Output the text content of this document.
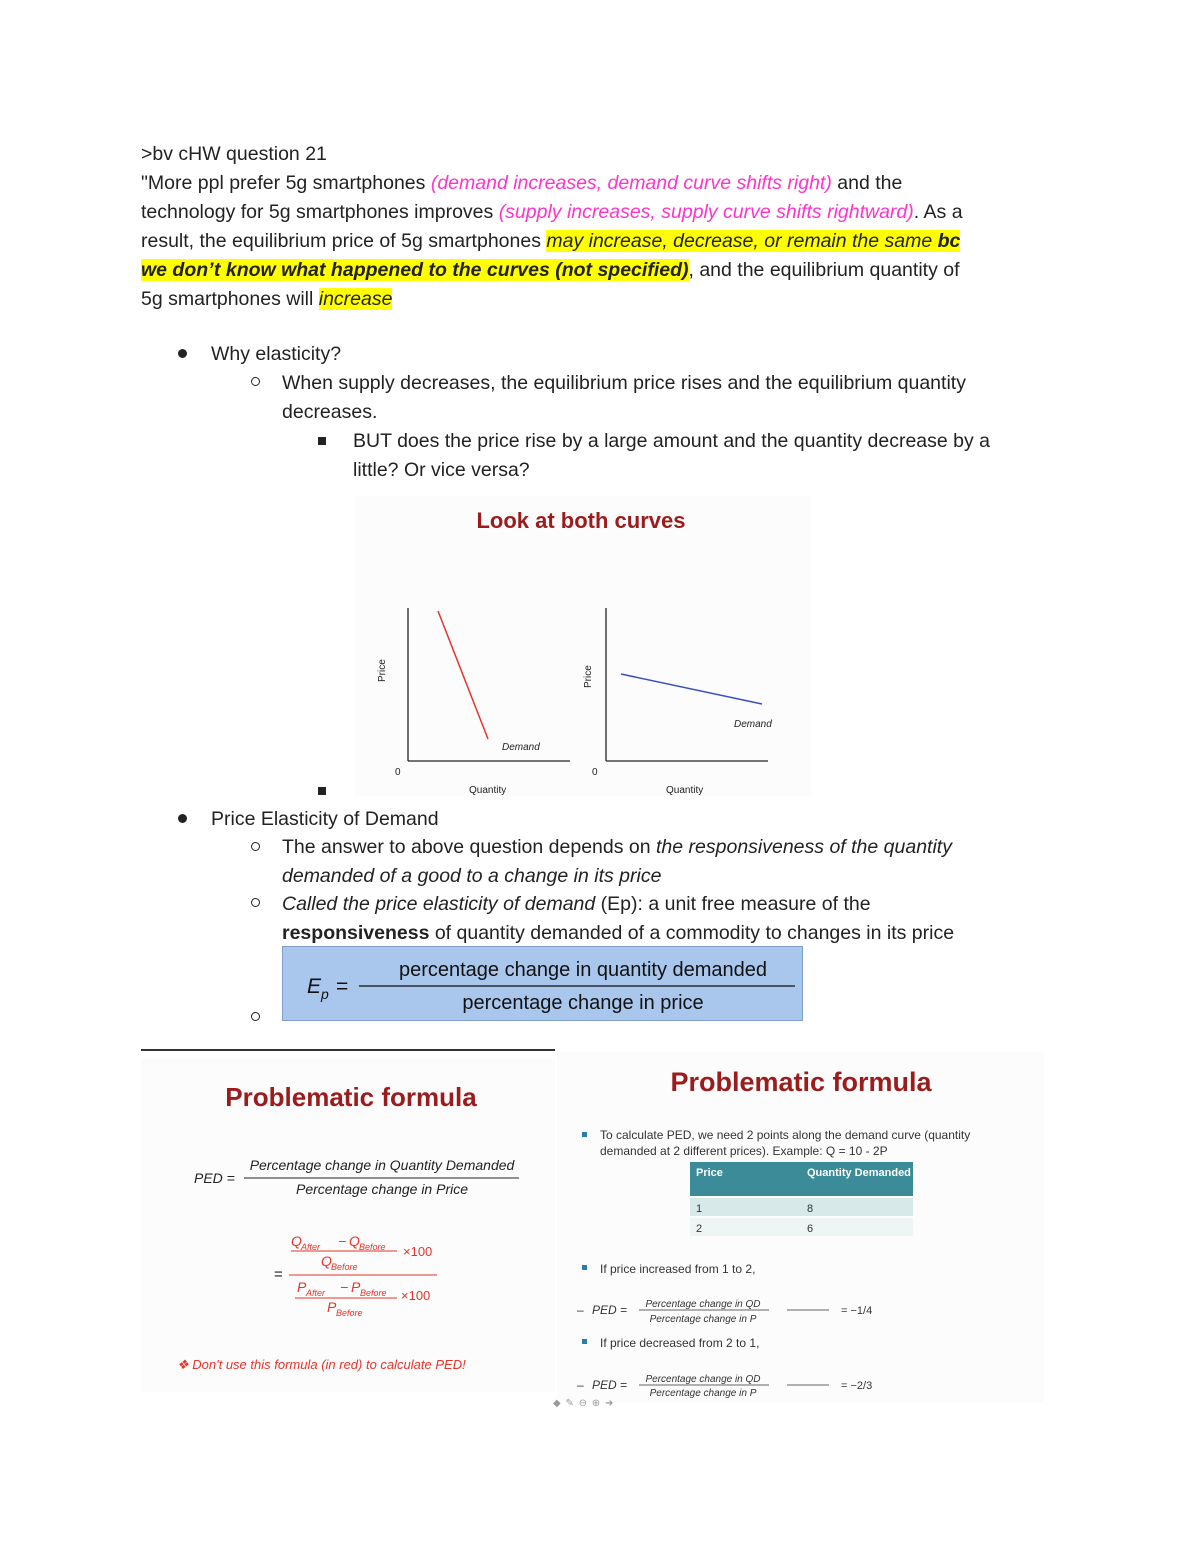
>bv cHW question 21
"More ppl prefer 5g smartphones (demand increases, demand curve shifts right) and the
technology for 5g smartphones improves (supply increases, supply curve shifts rightward). As a
result, the equilibrium price of 5g smartphones may increase, decrease, or remain the same bc
we don’t know what happened to the curves (not specified), and the equilibrium quantity of
5g smartphones will increase
Why elasticity?
When supply decreases, the equilibrium price rises and the equilibrium quantity
decreases.
BUT does the price rise by a large amount and the quantity decrease by a
little? Or vice versa?
Look at both curves
Price
0
Quantity
Demand
Price
0
Quantity
Demand
Price Elasticity of Demand
The answer to above question depends on the responsiveness of the quantity
demanded of a good to a change in its price
Called the price elasticity of demand (Ep): a unit free measure of the
responsiveness of quantity demanded of a commodity to changes in its price
E p =
percentage change in quantity demanded
percentage change in price
Problematic formula
PED =
Percentage change in Quantity Demanded
Percentage change in Price
=
Q After − Q Before
Q Before
×100
P After − P Before
P Before
×100
❖ Don't use this formula (in red) to calculate PED!
Problematic formula
To calculate PED, we need 2 points along the demand curve (quantity
demanded at 2 different prices). Example: Q = 10 - 2P
Price	Quantity Demanded
1	8
2	6
If price increased from 1 to 2,
– PED = Percentage change in QD
Percentage change in P
= −1/4
If price decreased from 2 to 1,
– PED = Percentage change in QD
Percentage change in P
= −2/3
◆ ✎ ⊖ ⊕ ➜
